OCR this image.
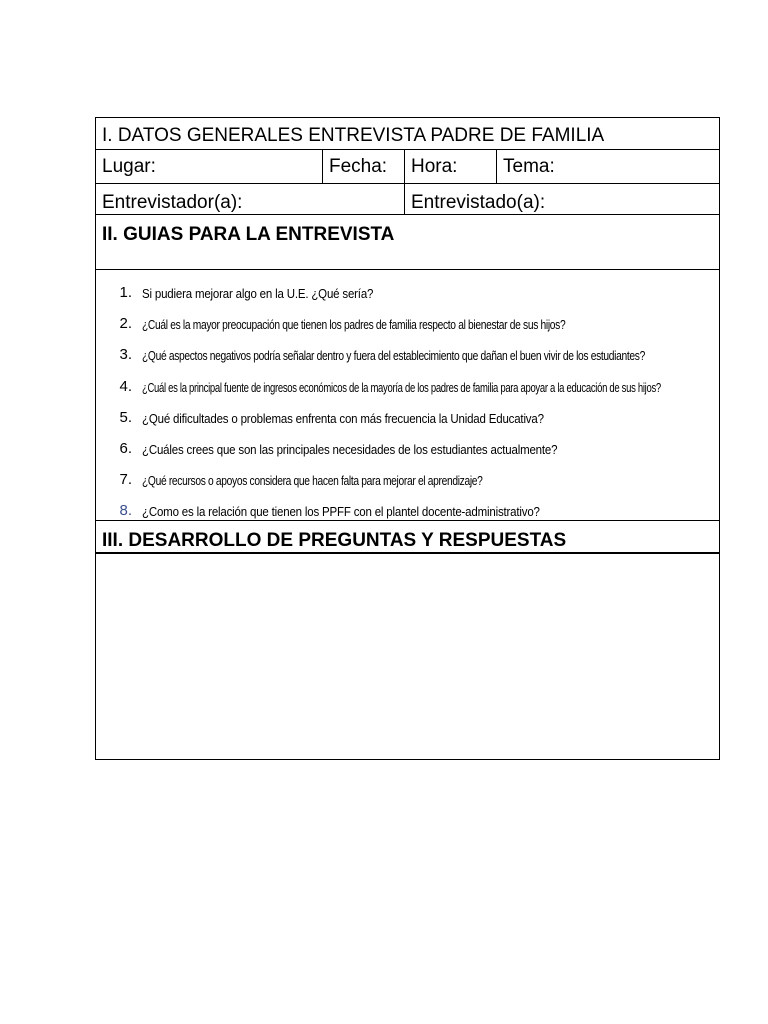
I. DATOS GENERALES ENTREVISTA PADRE DE FAMILIA
Lugar:	Fecha:	Hora:	Tema:
Entrevistador(a):	Entrevistado(a):
II. GUIAS PARA LA ENTREVISTA
1. Si pudiera mejorar algo en la U.E. ¿Qué sería?
2. ¿Cuál es la mayor preocupación que tienen los padres de familia respecto al bienestar de sus hijos?
3. ¿Qué aspectos negativos podría señalar dentro y fuera del establecimiento que dañan el buen vivir de los estudiantes?
4. ¿Cuál es la principal fuente de ingresos económicos de la mayoría de los padres de familia para apoyar a la educación de sus hijos?
5. ¿Qué dificultades o problemas enfrenta con más frecuencia la Unidad Educativa?
6. ¿Cuáles crees que son las principales necesidades de los estudiantes actualmente?
7. ¿Qué recursos o apoyos considera que hacen falta para mejorar el aprendizaje?
8. ¿Como es la relación que tienen los PPFF con el plantel docente-administrativo?
III. DESARROLLO DE PREGUNTAS Y RESPUESTAS
